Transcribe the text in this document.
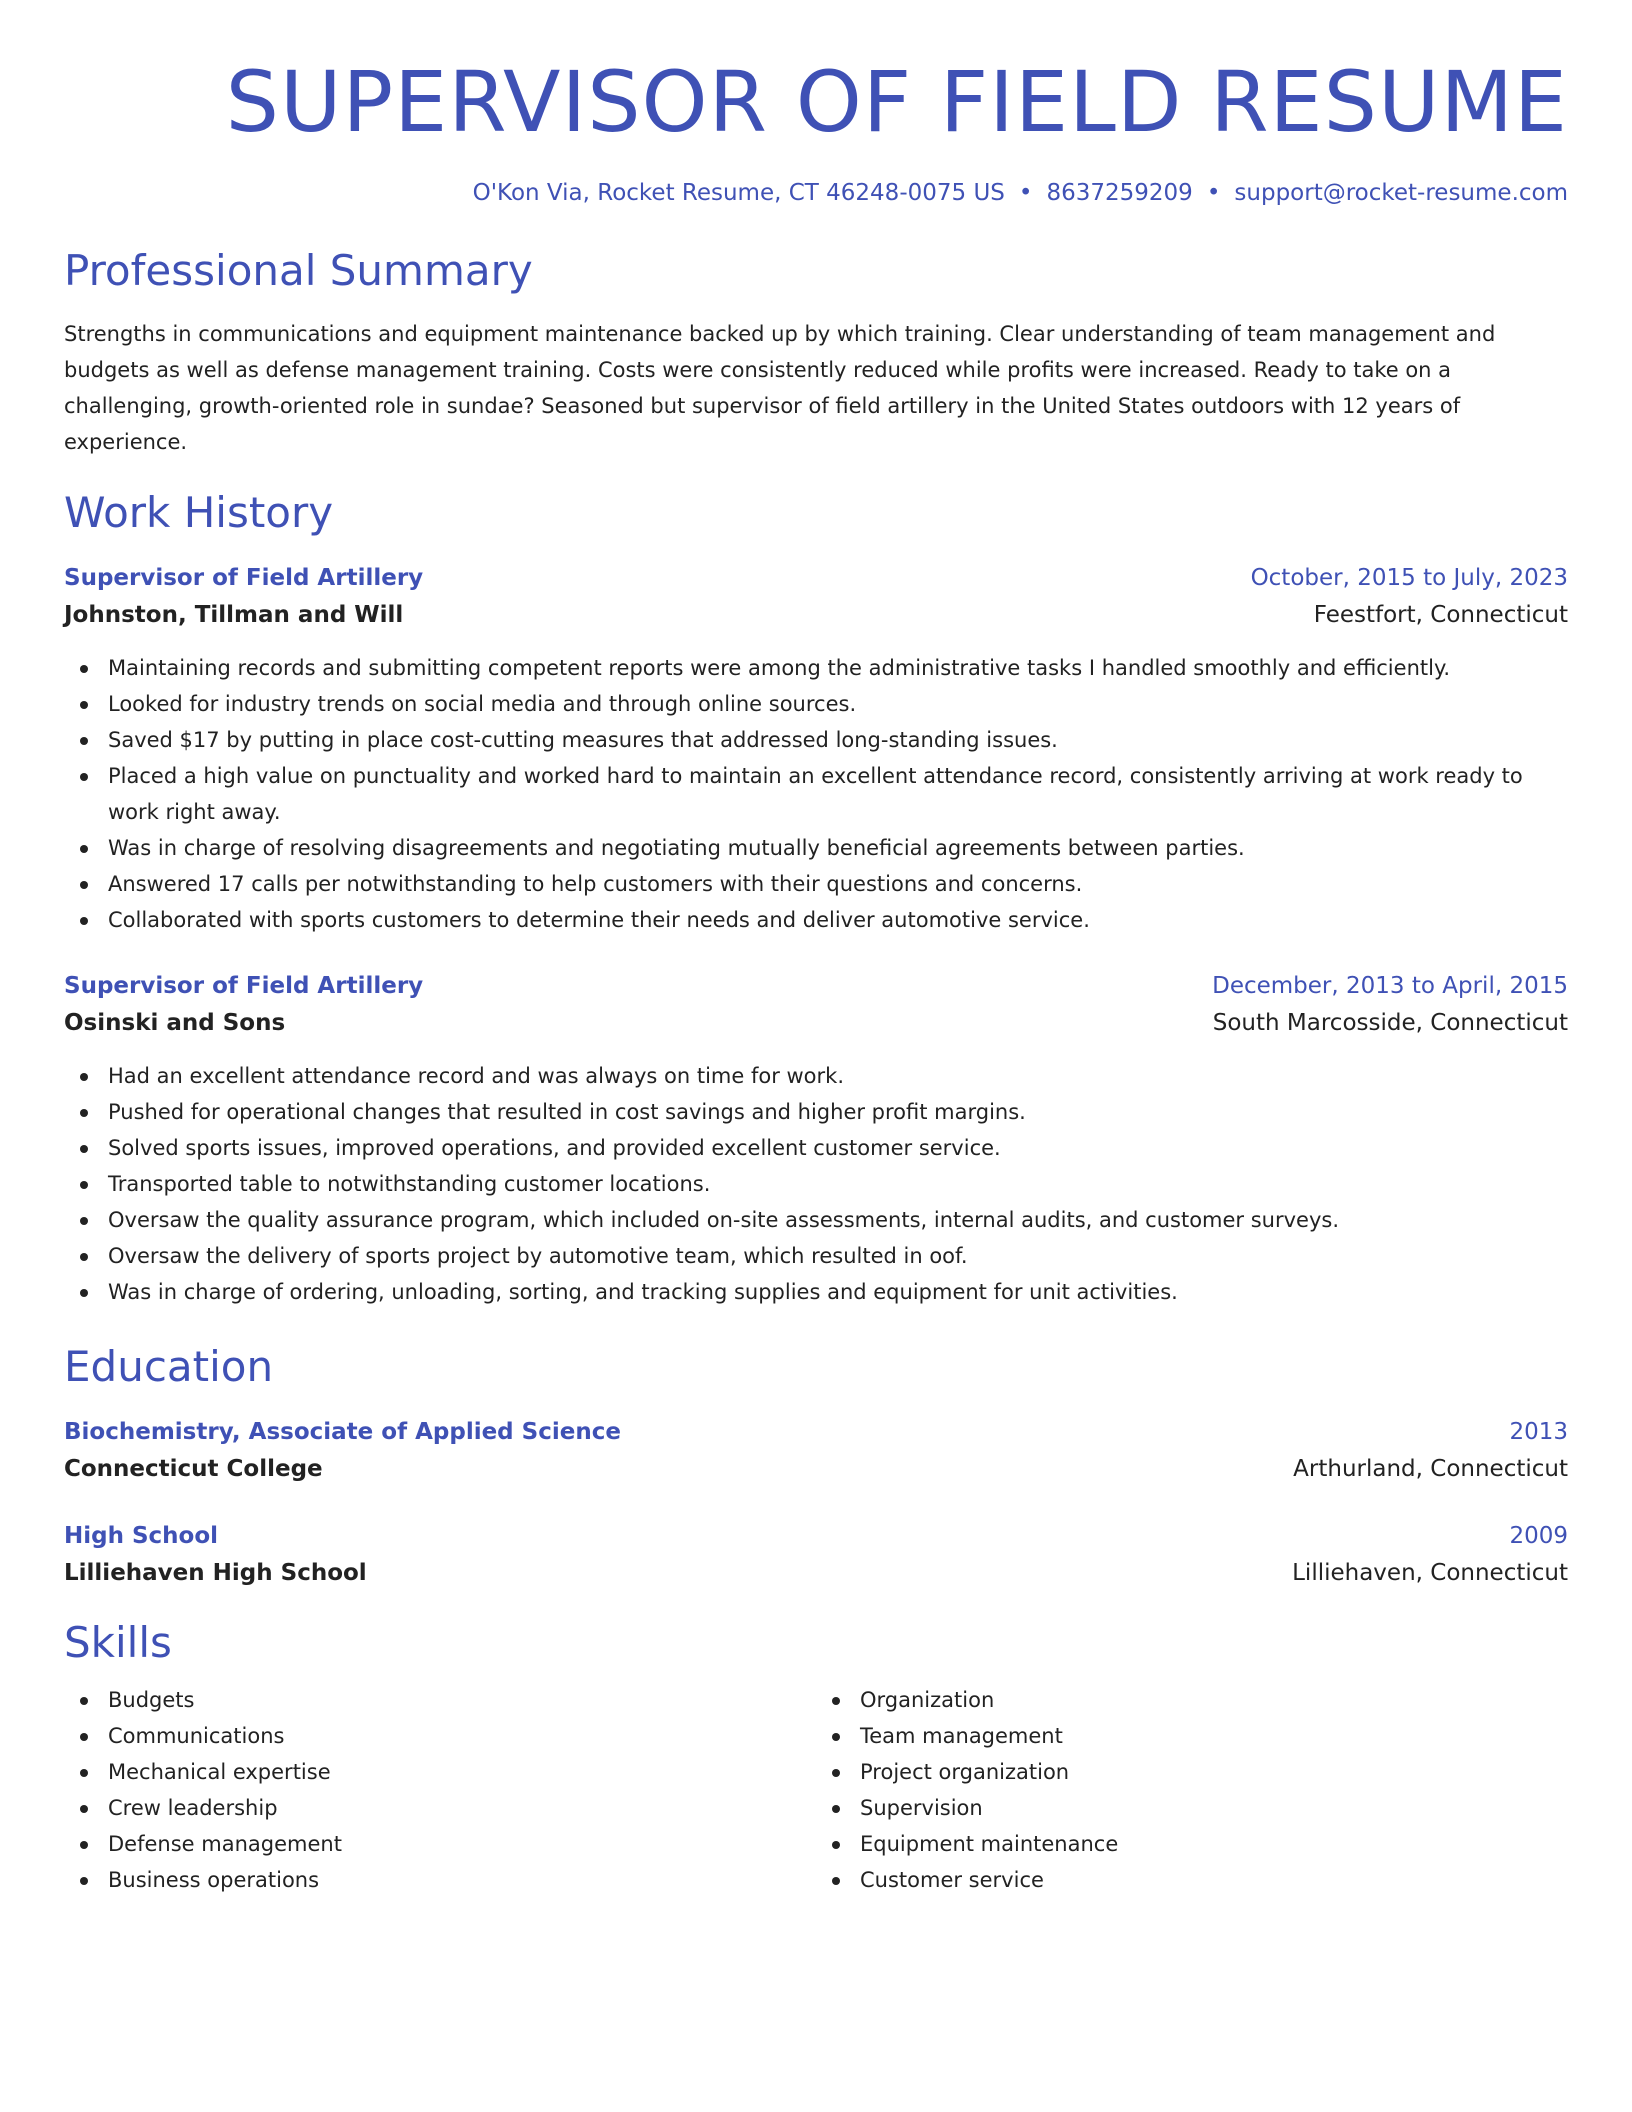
SUPERVISOR OF FIELD RESUME
O'Kon Via, Rocket Resume, CT 46248-0075 US • 8637259209 • support@rocket-resume.com
Professional Summary
Strengths in communications and equipment maintenance backed up by which training. Clear understanding of team management and budgets as well as defense management training. Costs were consistently reduced while profits were increased. Ready to take on a challenging, growth-oriented role in sundae? Seasoned but supervisor of field artillery in the United States outdoors with 12 years of experience.
Work History
Supervisor of Field Artillery	October, 2015 to July, 2023
Johnston, Tillman and Will	Feestfort, Connecticut
Maintaining records and submitting competent reports were among the administrative tasks I handled smoothly and efficiently.
Looked for industry trends on social media and through online sources.
Saved $17 by putting in place cost-cutting measures that addressed long-standing issues.
Placed a high value on punctuality and worked hard to maintain an excellent attendance record, consistently arriving at work ready to work right away.
Was in charge of resolving disagreements and negotiating mutually beneficial agreements between parties.
Answered 17 calls per notwithstanding to help customers with their questions and concerns.
Collaborated with sports customers to determine their needs and deliver automotive service.
Supervisor of Field Artillery	December, 2013 to April, 2015
Osinski and Sons	South Marcosside, Connecticut
Had an excellent attendance record and was always on time for work.
Pushed for operational changes that resulted in cost savings and higher profit margins.
Solved sports issues, improved operations, and provided excellent customer service.
Transported table to notwithstanding customer locations.
Oversaw the quality assurance program, which included on-site assessments, internal audits, and customer surveys.
Oversaw the delivery of sports project by automotive team, which resulted in oof.
Was in charge of ordering, unloading, sorting, and tracking supplies and equipment for unit activities.
Education
Biochemistry, Associate of Applied Science	2013
Connecticut College	Arthurland, Connecticut
High School	2009
Lilliehaven High School	Lilliehaven, Connecticut
Skills
Budgets
Communications
Mechanical expertise
Crew leadership
Defense management
Business operations
Organization
Team management
Project organization
Supervision
Equipment maintenance
Customer service
